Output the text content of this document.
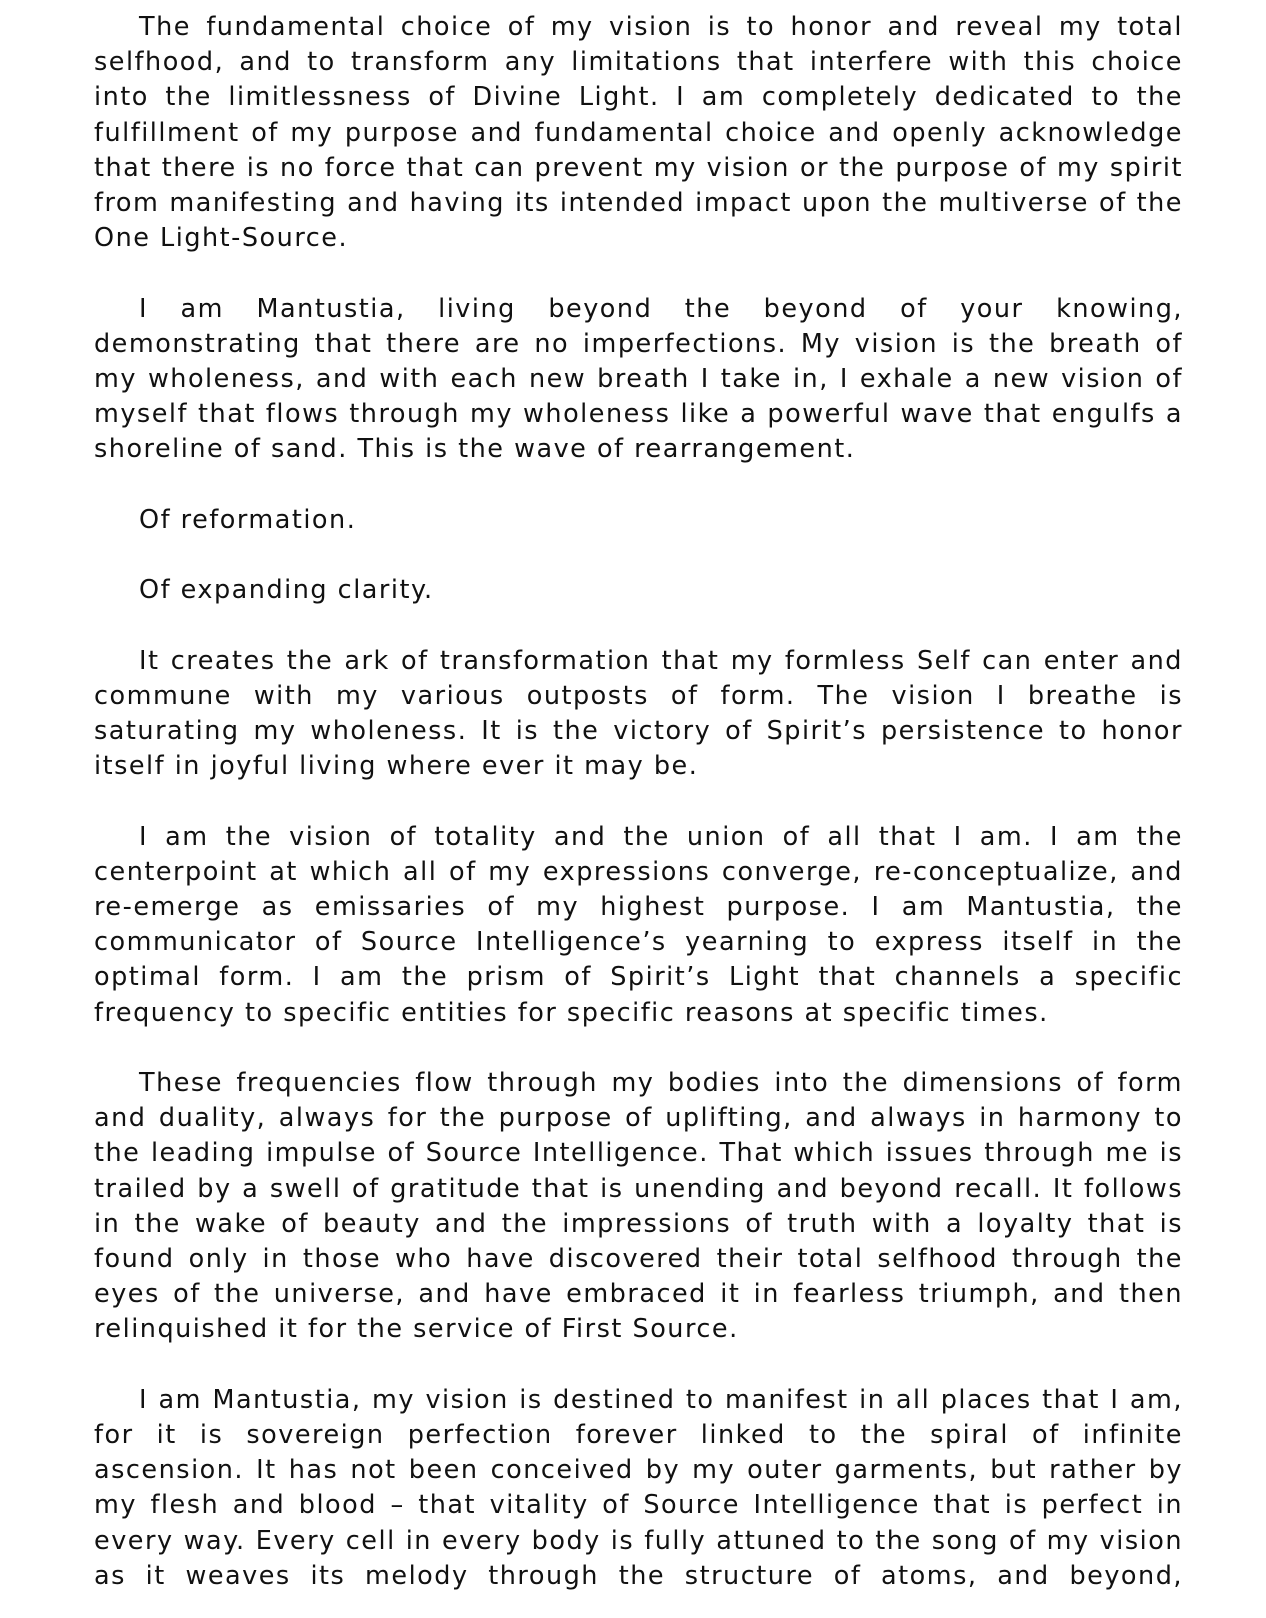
The fundamental choice of my vision is to honor and reveal my total selfhood, and to transform any limitations that interfere with this choice into the limitlessness of Divine Light. I am completely dedicated to the fulfillment of my purpose and fundamental choice and openly acknowledge that there is no force that can prevent my vision or the purpose of my spirit from manifesting and having its intended impact upon the multiverse of the One Light-Source.

I am Mantustia, living beyond the beyond of your knowing, demonstrating that there are no imperfections. My vision is the breath of my wholeness, and with each new breath I take in, I exhale a new vision of myself that flows through my wholeness like a powerful wave that engulfs a shoreline of sand. This is the wave of rearrangement.

Of reformation.

Of expanding clarity.

It creates the ark of transformation that my formless Self can enter and commune with my various outposts of form. The vision I breathe is saturating my wholeness. It is the victory of Spirit’s persistence to honor itself in joyful living where ever it may be.

I am the vision of totality and the union of all that I am. I am the centerpoint at which all of my expressions converge, re-conceptualize, and re-emerge as emissaries of my highest purpose. I am Mantustia, the communicator of Source Intelligence’s yearning to express itself in the optimal form. I am the prism of Spirit’s Light that channels a specific frequency to specific entities for specific reasons at specific times.

These frequencies flow through my bodies into the dimensions of form and duality, always for the purpose of uplifting, and always in harmony to the leading impulse of Source Intelligence. That which issues through me is trailed by a swell of gratitude that is unending and beyond recall. It follows in the wake of beauty and the impressions of truth with a loyalty that is found only in those who have discovered their total selfhood through the eyes of the universe, and have embraced it in fearless triumph, and then relinquished it for the service of First Source.

I am Mantustia, my vision is destined to manifest in all places that I am, for it is sovereign perfection forever linked to the spiral of infinite ascension. It has not been conceived by my outer garments, but rather by my flesh and blood – that vitality of Source Intelligence that is perfect in every way. Every cell in every body is fully attuned to the song of my vision as it weaves its melody through the structure of atoms, and beyond,
